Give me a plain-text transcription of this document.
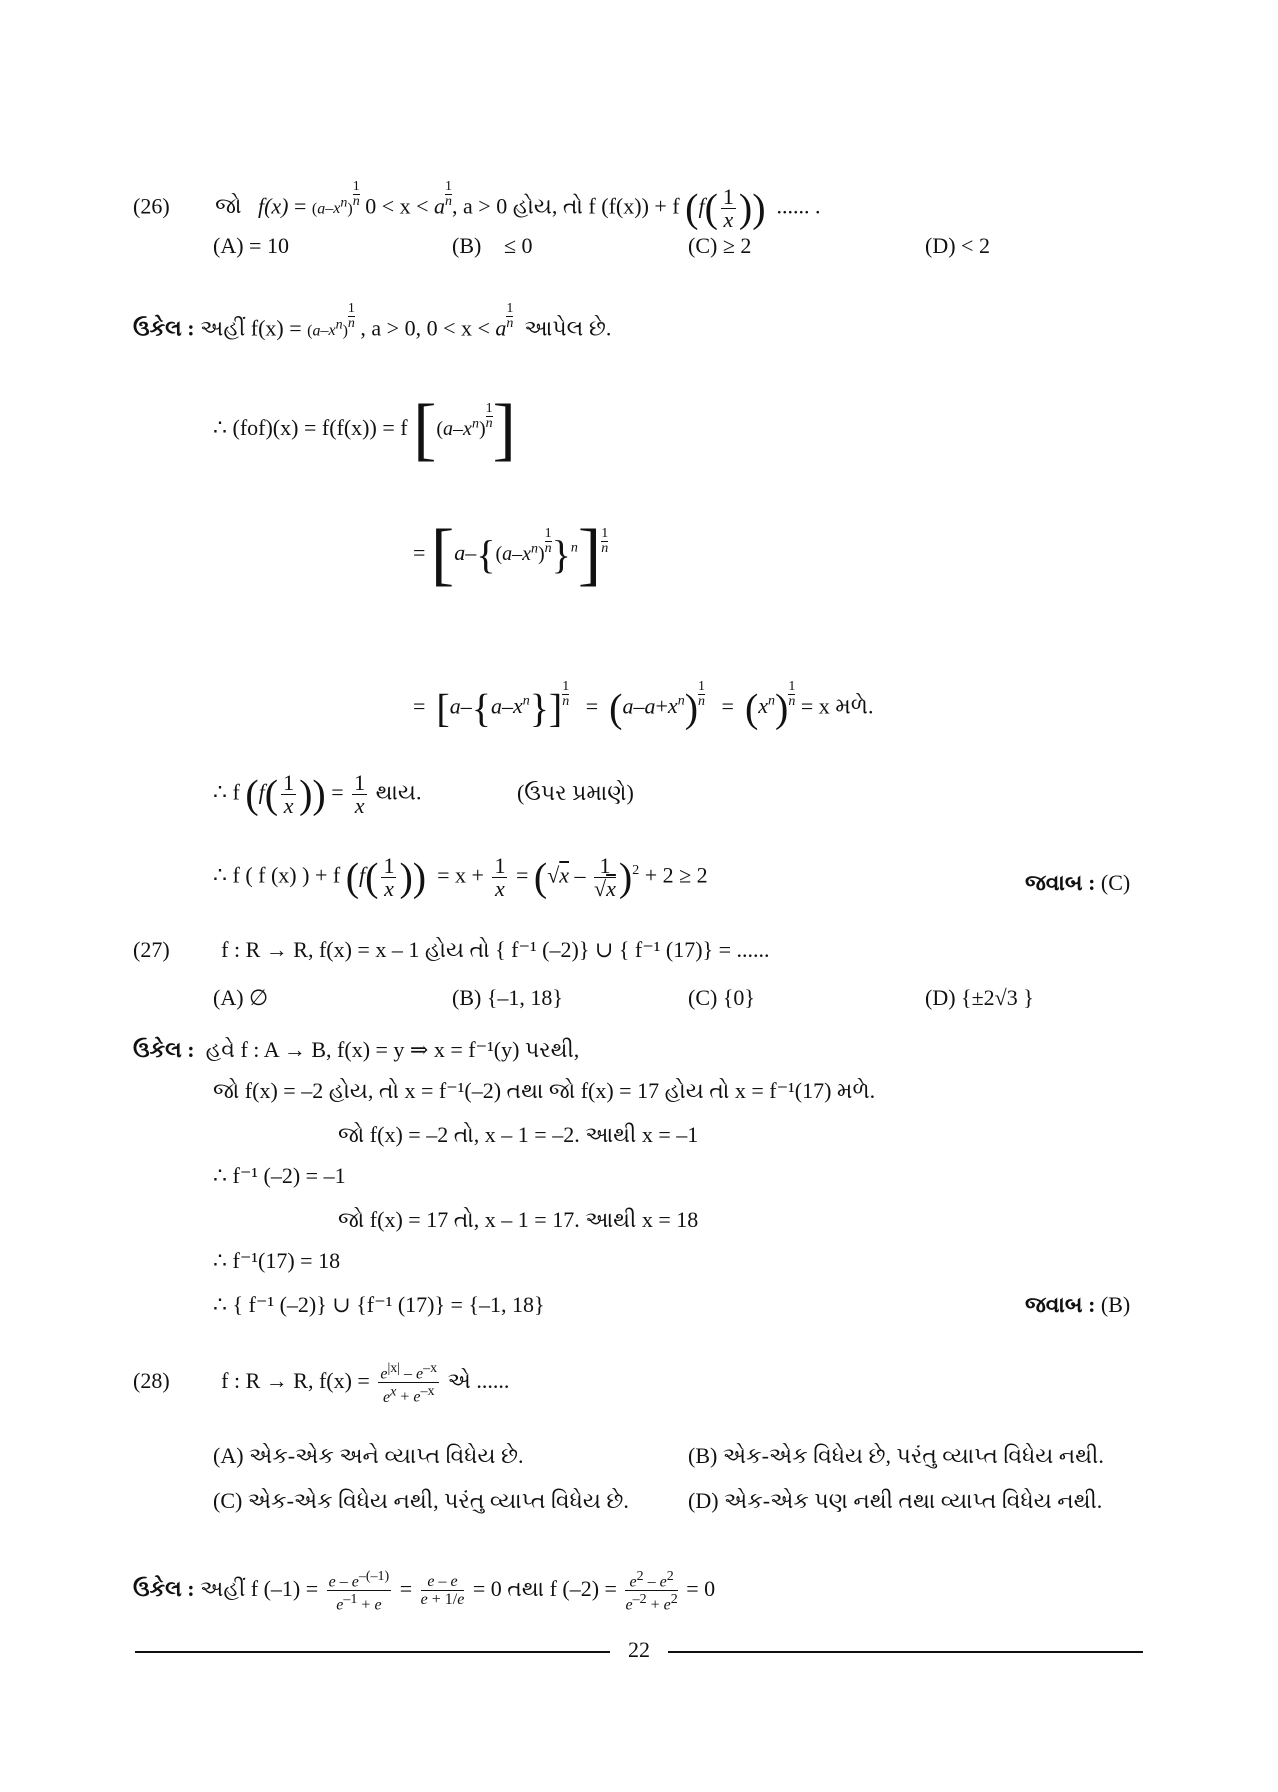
(26) જો   $f(x) = (a-x^n) \frac{1}{n} 0 < x < a \frac{1}{n}$ , a > 0 હોય, તો f (f(x)) + f ($f( \frac{1}{x}$ )) ...... .
(A) = 10	(B)  ≤ 0	(C) ≥ 2	(D) < 2
ઉકેલ : અહીં $f(x) = (a-x^n) \frac{1}{n}$ , a > 0, 0 < x < a $\frac{1}{n}$ આપેલ છે.
∴ (fof)(x) = f(f(x)) = f [$(a-x^n) \frac{1}{n}$ ]
= $[a-\{(a-x^n) \frac{1}{n} \}^n] \frac{1}{n}$
= $[a-\{a-x^n\}] \frac{1}{n} = (a-a+x^n) \frac{1}{n} = (x^n) \frac{1}{n} = x$ મળે.
∴ f ($f( \frac{1}{x}$ )) = $\frac{1}{x}$ થાય.	(ઉપર પ્રમાણે)
∴ f ( f (x) ) + f ($f( \frac{1}{x}$ )) = $x + \frac{1}{x} = (√x - \frac{1}{√x} )^2 + 2 \ge 2$	જવાબ : (C)
(27) f : R → R, f(x) = x – 1 હોય તો { f⁻¹ (–2)} ∪ { f⁻¹ (17)} = ......
(A) ∅	(B) {–1, 18}	(C) {0}	(D) {±2√3 }
ઉકેલ : હવે f : A → B, f(x) = y ⇒ x = f⁻¹(y) પરથી,
જો f(x) = –2 હોય, તો x = f⁻¹(–2) તથા જો f(x) = 17 હોય તો x = f⁻¹(17) મળે.
જો f(x) = –2 તો, x – 1 = –2. આથી x = –1
∴ f⁻¹ (–2) = –1
જો f(x) = 17 તો, x – 1 = 17. આથી x = 18
∴ f⁻¹(17) = 18
∴ { f⁻¹ (–2)} ∪ {f⁻¹ (17)} = {–1, 18}	જવાબ : (B)
(28) f : R → R, $f(x) = \frac{e^{|x|} - e^{-x}}{e^x + e^{-x}}$ એ ......
(A) એક-એક અને વ્યાપ્ત વિધેય છે.	(B) એક-એક વિધેય છે, પરંતુ વ્યાપ્ત વિધેય નથી.
(C) એક-એક વિધેય નથી, પરંતુ વ્યાપ્ત વિધેય છે.	(D) એક-એક પણ નથી તથા વ્યાપ્ત વિધેય નથી.
ઉકેલ : અહીં f $(-1) = \frac{e - e^{-(-1)}}{e^{-1} + e} = \frac{e - e}{e + 1/e} = 0$ તથા f $(-2) = \frac{e^2 - e^2}{e^{-2} + e^2} = 0$
22
